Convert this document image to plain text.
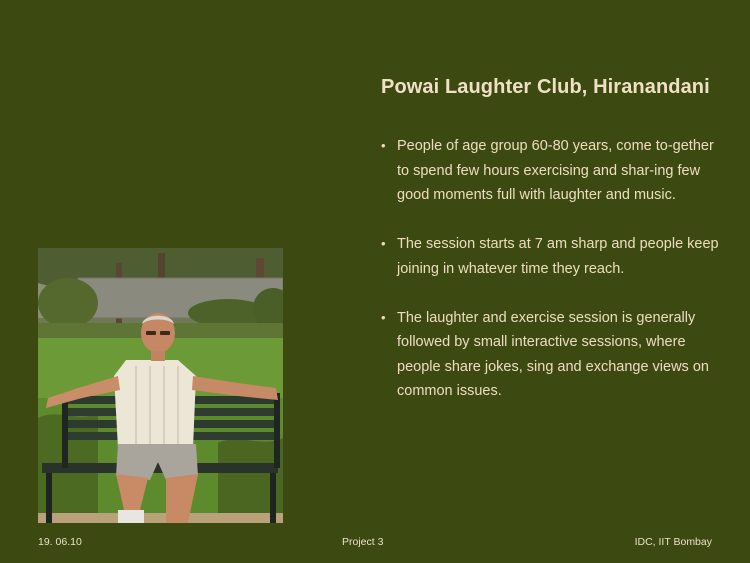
Powai Laughter Club, Hiranandani
• People of age group 60-80 years, come to-gether to spend few hours exercising and shar-ing few good moments full with laughter and music.
• The session starts at 7 am sharp and people keep joining in whatever time they reach.
• The laughter and exercise session is generally followed by small interactive sessions, where people share jokes, sing and exchange views on common issues.
19. 06.10	Project 3	IDC, IIT Bombay
